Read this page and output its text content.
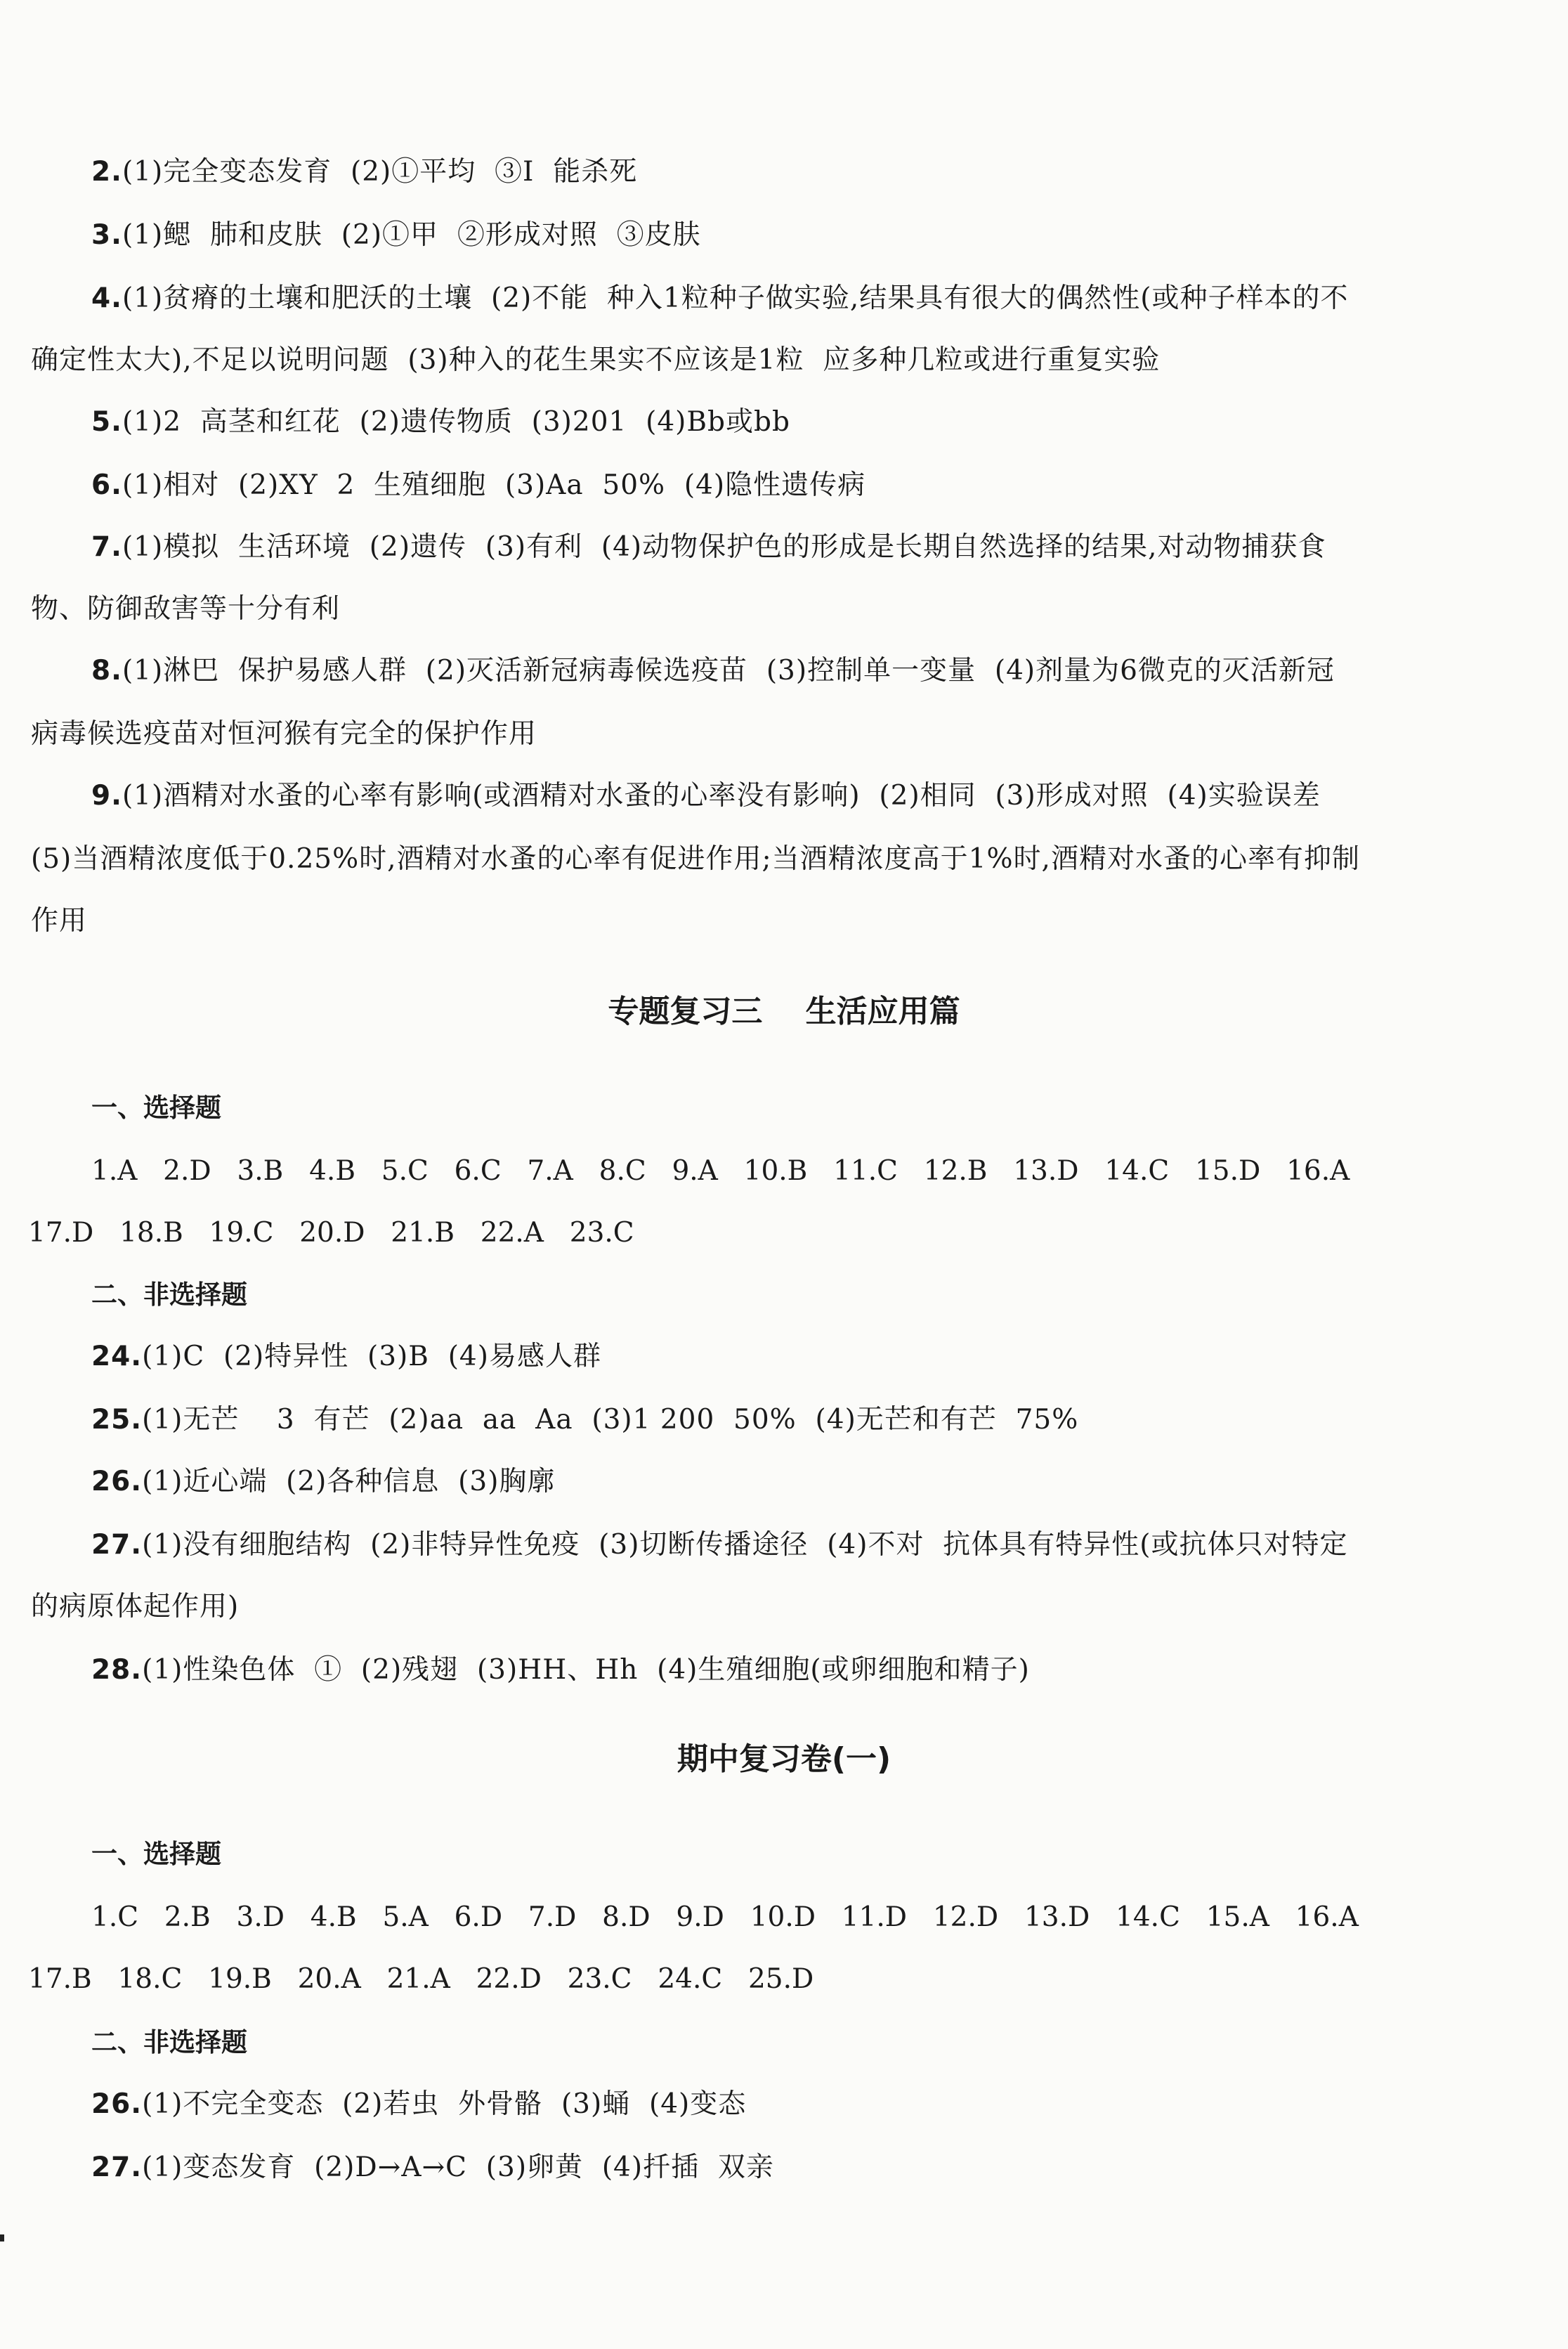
2.(1)完全变态发育  (2)①平均  ③Ⅰ  能杀死
3.(1)鳃  肺和皮肤  (2)①甲  ②形成对照  ③皮肤
4.(1)贫瘠的土壤和肥沃的土壤  (2)不能  种入1粒种子做实验,结果具有很大的偶然性(或种子样本的不
确定性太大),不足以说明问题  (3)种入的花生果实不应该是1粒  应多种几粒或进行重复实验
5.(1)2  高茎和红花  (2)遗传物质  (3)201  (4)Bb或bb
6.(1)相对  (2)XY  2  生殖细胞  (3)Aa  50%  (4)隐性遗传病
7.(1)模拟  生活环境  (2)遗传  (3)有利  (4)动物保护色的形成是长期自然选择的结果,对动物捕获食
物、防御敌害等十分有利
8.(1)淋巴  保护易感人群  (2)灭活新冠病毒候选疫苗  (3)控制单一变量  (4)剂量为6微克的灭活新冠
病毒候选疫苗对恒河猴有完全的保护作用
9.(1)酒精对水蚤的心率有影响(或酒精对水蚤的心率没有影响)  (2)相同  (3)形成对照  (4)实验误差
(5)当酒精浓度低于0.25%时,酒精对水蚤的心率有促进作用;当酒精浓度高于1%时,酒精对水蚤的心率有抑制
作用
专题复习三    生活应用篇
一、选择题
1.A  2.D  3.B  4.B  5.C  6.C  7.A  8.C  9.A  10.B  11.C  12.B  13.D  14.C  15.D  16.A
17.D  18.B  19.C  20.D  21.B  22.A  23.C
二、非选择题
24.(1)C  (2)特异性  (3)B  (4)易感人群
25.(1)无芒    3  有芒  (2)aa  aa  Aa  (3)1 200  50%  (4)无芒和有芒  75%
26.(1)近心端  (2)各种信息  (3)胸廓
27.(1)没有细胞结构  (2)非特异性免疫  (3)切断传播途径  (4)不对  抗体具有特异性(或抗体只对特定
的病原体起作用)
28.(1)性染色体  ①  (2)残翅  (3)HH、Hh  (4)生殖细胞(或卵细胞和精子)
期中复习卷(一)
一、选择题
1.C  2.B  3.D  4.B  5.A  6.D  7.D  8.D  9.D  10.D  11.D  12.D  13.D  14.C  15.A  16.A
17.B  18.C  19.B  20.A  21.A  22.D  23.C  24.C  25.D
二、非选择题
26.(1)不完全变态  (2)若虫  外骨骼  (3)蛹  (4)变态
27.(1)变态发育  (2)D→A→C  (3)卵黄  (4)扦插  双亲
